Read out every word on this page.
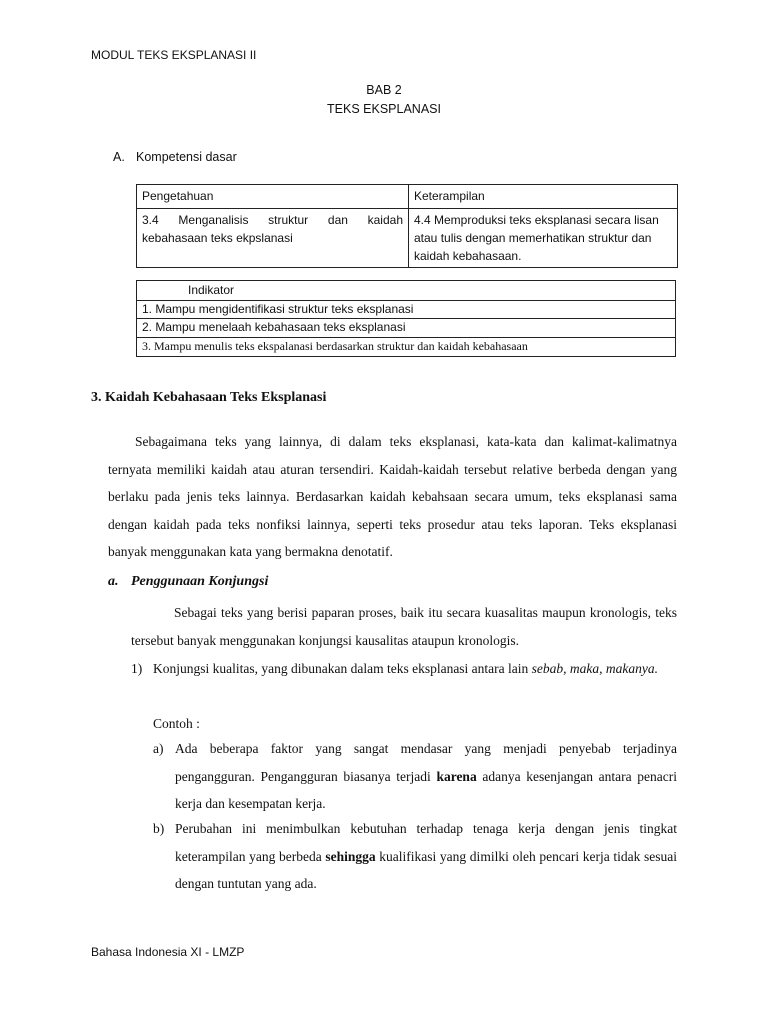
MODUL TEKS EKSPLANASI II
BAB 2
TEKS EKSPLANASI
A. Kompetensi dasar
Pengetahuan	Keterampilan
3.4 Menganalisis struktur dan kaidah kebahasaan teks ekpslanasi	4.4 Memproduksi teks eksplanasi secara lisan atau tulis dengan memerhatikan struktur dan kaidah kebahasaan.
Indikator
1. Mampu mengidentifikasi struktur teks eksplanasi
2. Mampu menelaah kebahasaan teks eksplanasi
3. Mampu menulis teks ekspalanasi berdasarkan struktur dan kaidah kebahasaan
3. Kaidah Kebahasaan Teks Eksplanasi
Sebagaimana teks yang lainnya, di dalam teks eksplanasi, kata-kata dan kalimat-kalimatnya ternyata memiliki kaidah atau aturan tersendiri. Kaidah-kaidah tersebut relative berbeda dengan yang berlaku pada jenis teks lainnya. Berdasarkan kaidah kebahsaan secara umum, teks eksplanasi sama dengan kaidah pada teks nonfiksi lainnya, seperti teks prosedur atau teks laporan. Teks eksplanasi banyak menggunakan kata yang bermakna denotatif.
a. Penggunaan Konjungsi
Sebagai teks yang berisi paparan proses, baik itu secara kuasalitas maupun kronologis, teks tersebut banyak menggunakan konjungsi kausalitas ataupun kronologis.
1) Konjungsi kualitas, yang dibunakan dalam teks eksplanasi antara lain sebab, maka, makanya.
Contoh :
a) Ada beberapa faktor yang sangat mendasar yang menjadi penyebab terjadinya pengangguran. Pengangguran biasanya terjadi karena adanya kesenjangan antara penacri kerja dan kesempatan kerja.
b) Perubahan ini menimbulkan kebutuhan terhadap tenaga kerja dengan jenis tingkat keterampilan yang berbeda sehingga kualifikasi yang dimilki oleh pencari kerja tidak sesuai dengan tuntutan yang ada.
Bahasa Indonesia XI - LMZP
